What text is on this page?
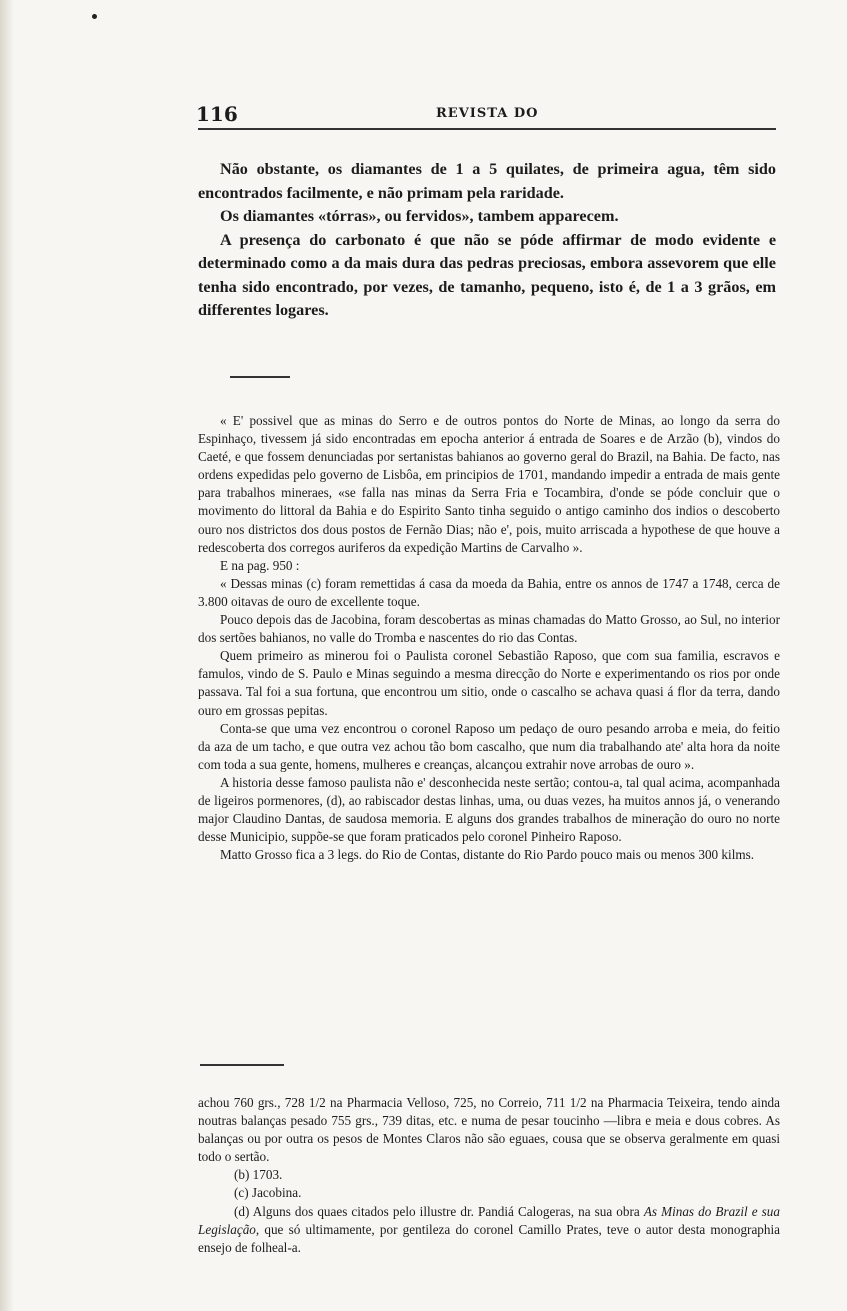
116	REVISTA DO

Não obstante, os diamantes de 1 a 5 quilates, de primeira agua, têm sido encontrados facilmente, e não primam pela raridade.

Os diamantes «tórras», ou fervidos», tambem apparecem.

A presença do carbonato é que não se póde affirmar de modo evidente e determinado como a da mais dura das pedras preciosas, embora assevorem que elle tenha sido encontrado, por vezes, de tamanho, pequeno, isto é, de 1 a 3 grãos, em differentes logares.

« E' possivel que as minas do Serro e de outros pontos do Norte de Minas, ao longo da serra do Espinhaço, tivessem já sido encontradas em epocha anterior á entrada de Soares e de Arzão (b), vindos do Caeté, e que fossem denunciadas por sertanistas bahianos ao governo geral do Brazil, na Bahia. De facto, nas ordens expedidas pelo governo de Lisbôa, em principios de 1701, mandando impedir a entrada de mais gente para trabalhos mineraes, «se falla nas minas da Serra Fria e Tocambira, d'onde se póde concluir que o movimento do littoral da Bahia e do Espirito Santo tinha seguido o antigo caminho dos indios o descoberto ouro nos districtos dos dous postos de Fernão Dias; não e', pois, muito arriscada a hypothese de que houve a redescoberta dos corregos auriferos da expedição Martins de Carvalho ».

E na pag. 950 :

« Dessas minas (c) foram remettidas á casa da moeda da Bahia, entre os annos de 1747 a 1748, cerca de 3.800 oitavas de ouro de excellente toque.

Pouco depois das de Jacobina, foram descobertas as minas chamadas do Matto Grosso, ao Sul, no interior dos sertões bahianos, no valle do Tromba e nascentes do rio das Contas.

Quem primeiro as minerou foi o Paulista coronel Sebastião Raposo, que com sua familia, escravos e famulos, vindo de S. Paulo e Minas seguindo a mesma direcção do Norte e experimentando os rios por onde passava. Tal foi a sua fortuna, que encontrou um sitio, onde o cascalho se achava quasi á flor da terra, dando ouro em grossas pepitas.

Conta-se que uma vez encontrou o coronel Raposo um pedaço de ouro pesando arroba e meia, do feitio da aza de um tacho, e que outra vez achou tão bom cascalho, que num dia trabalhando ate' alta hora da noite com toda a sua gente, homens, mulheres e creanças, alcançou extrahir nove arrobas de ouro ».

A historia desse famoso paulista não e' desconhecida neste sertão; contou-a, tal qual acima, acompanhada de ligeiros pormenores, (d), ao rabiscador destas linhas, uma, ou duas vezes, ha muitos annos já, o venerando major Claudino Dantas, de saudosa memoria. E alguns dos grandes trabalhos de mineração do ouro no norte desse Municipio, suppõe-se que foram praticados pelo coronel Pinheiro Raposo.

Matto Grosso fica a 3 legs. do Rio de Contas, distante do Rio Pardo pouco mais ou menos 300 kilms.

achou 760 grs., 728 1/2 na Pharmacia Velloso, 725, no Correio, 711 1/2 na Pharmacia Teixeira, tendo ainda noutras balanças pesado 755 grs., 739 ditas, etc. e numa de pesar toucinho —libra e meia e dous cobres. As balanças ou por outra os pesos de Montes Claros não são eguaes, cousa que se observa geralmente em quasi todo o sertão.

(b) 1703.

(c) Jacobina.

(d) Alguns dos quaes citados pelo illustre dr. Pandiá Calogeras, na sua obra As Minas do Brazil e sua Legislação, que só ultimamente, por gentileza do coronel Camillo Prates, teve o autor desta monographia ensejo de folheal-a.
